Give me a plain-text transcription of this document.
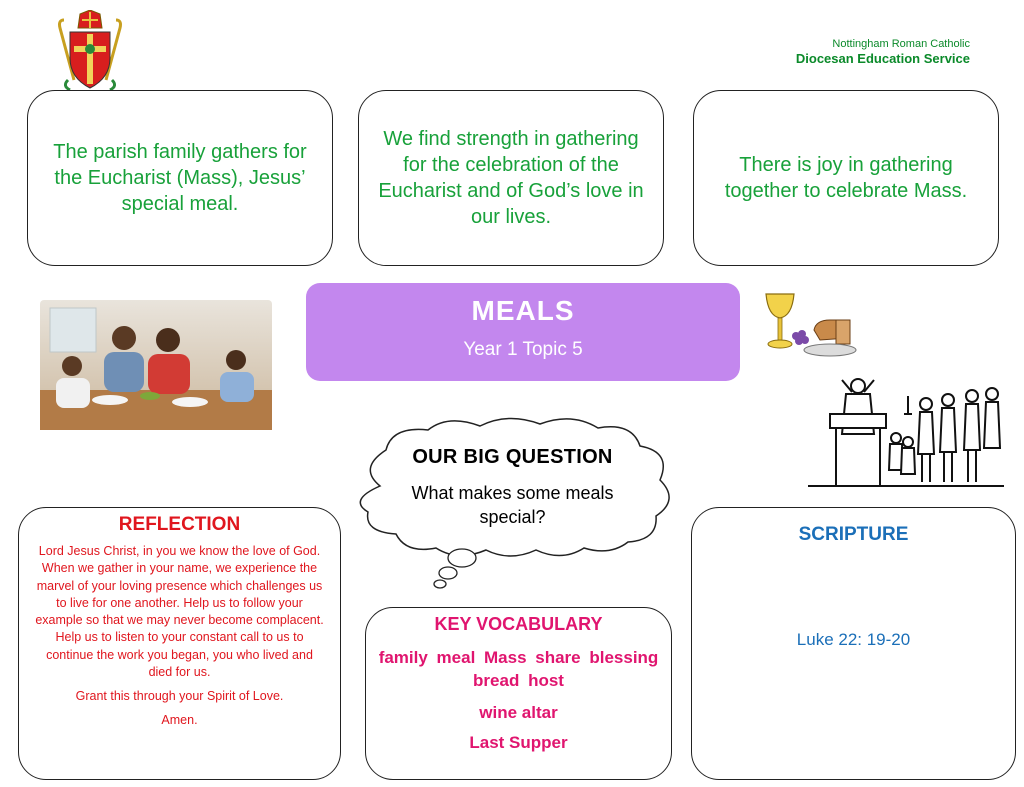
Nottingham Roman Catholic
Diocesan Education Service
The parish family gathers for the Eucharist (Mass), Jesus’ special meal.
We find strength in gathering for the celebration of the Eucharist and of God’s love in our lives.
There is joy in gathering together to celebrate Mass.
MEALS
Year 1 Topic 5
OUR BIG QUESTION
What makes some meals special?
REFLECTION
Lord Jesus Christ, in you we know the love of God. When we gather in your name, we experience the marvel of your loving presence which challenges us to live for one another. Help us to follow your example so that we may never become complacent. Help us to listen to your constant call to us to continue the work you began, you who lived and died for us.
Grant this through your Spirit of Love.
Amen.
KEY VOCABULARY
family meal Mass share blessing bread host
wine altar
Last Supper
SCRIPTURE
Luke 22: 19-20
